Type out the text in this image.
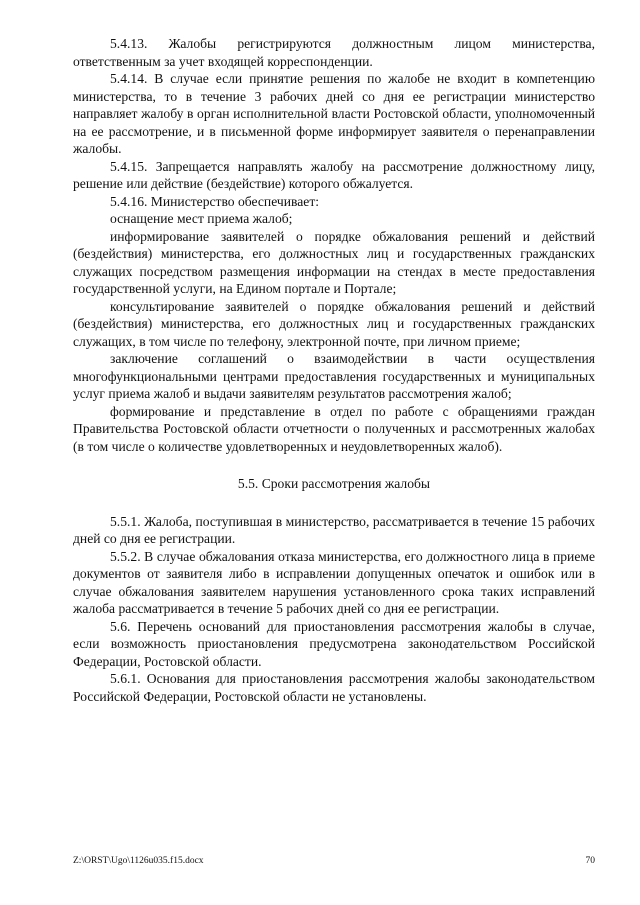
5.4.13. Жалобы регистрируются должностным лицом министерства, ответственным за учет входящей корреспонденции.

5.4.14. В случае если принятие решения по жалобе не входит в компетенцию министерства, то в течение 3 рабочих дней со дня ее регистрации министерство направляет жалобу в орган исполнительной власти Ростовской области, уполномоченный на ее рассмотрение, и в письменной форме информирует заявителя о перенаправлении жалобы.

5.4.15. Запрещается направлять жалобу на рассмотрение должностному лицу, решение или действие (бездействие) которого обжалуется.

5.4.16. Министерство обеспечивает:

оснащение мест приема жалоб;

информирование заявителей о порядке обжалования решений и действий (бездействия) министерства, его должностных лиц и государственных гражданских служащих посредством размещения информации на стендах в месте предоставления государственной услуги, на Едином портале и Портале;

консультирование заявителей о порядке обжалования решений и действий (бездействия) министерства, его должностных лиц и государственных гражданских служащих, в том числе по телефону, электронной почте, при личном приеме;

заключение соглашений о взаимодействии в части осуществления многофункциональными центрами предоставления государственных и муниципальных услуг приема жалоб и выдачи заявителям результатов рассмотрения жалоб;

формирование и представление в отдел по работе с обращениями граждан Правительства Ростовской области отчетности о полученных и рассмотренных жалобах (в том числе о количестве удовлетворенных и неудовлетворенных жалоб).

5.5. Сроки рассмотрения жалобы

5.5.1. Жалоба, поступившая в министерство, рассматривается в течение 15 рабочих дней со дня ее регистрации.

5.5.2. В случае обжалования отказа министерства, его должностного лица в приеме документов от заявителя либо в исправлении допущенных опечаток и ошибок или в случае обжалования заявителем нарушения установленного срока таких исправлений жалоба рассматривается в течение 5 рабочих дней со дня ее регистрации.

5.6. Перечень оснований для приостановления рассмотрения жалобы в случае, если возможность приостановления предусмотрена законодательством Российской Федерации, Ростовской области.

5.6.1. Основания для приостановления рассмотрения жалобы законодательством Российской Федерации, Ростовской области не установлены.

Z:\ORST\Ugo\1126u035.f15.docx	70
